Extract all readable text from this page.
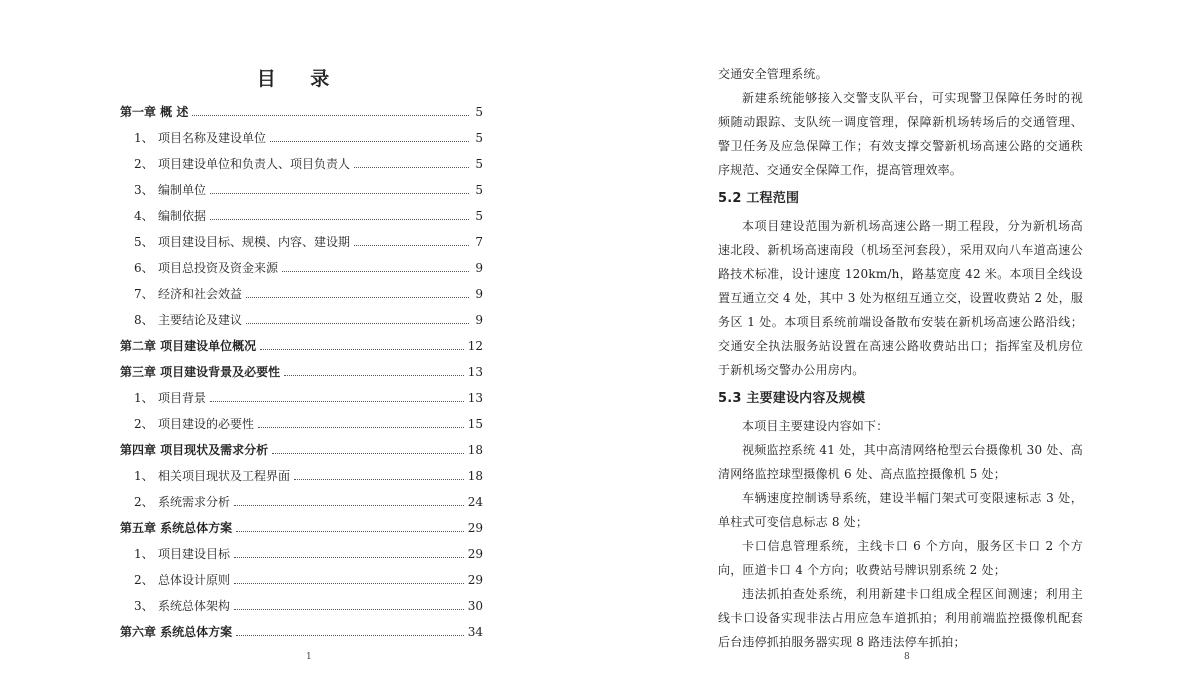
目 录
第一章 概 述	5
1、 项目名称及建设单位	5
2、 项目建设单位和负责人、项目负责人	5
3、 编制单位	5
4、 编制依据	5
5、 项目建设目标、规模、内容、建设期	7
6、 项目总投资及资金来源	9
7、 经济和社会效益	9
8、 主要结论及建议	9
第二章 项目建设单位概况	12
第三章 项目建设背景及必要性	13
1、 项目背景	13
2、 项目建设的必要性	15
第四章 项目现状及需求分析	18
1、 相关项目现状及工程界面	18
2、 系统需求分析	24
第五章 系统总体方案	29
1、 项目建设目标	29
2、 总体设计原则	29
3、 系统总体架构	30
第六章 系统总体方案	34
1

交通安全管理系统。

新建系统能够接入交警支队平台，可实现警卫保障任务时的视频随动跟踪、支队统一调度管理，保障新机场转场后的交通管理、警卫任务及应急保障工作；有效支撑交警新机场高速公路的交通秩序规范、交通安全保障工作，提高管理效率。

5.2 工程范围

本项目建设范围为新机场高速公路一期工程段，分为新机场高速北段、新机场高速南段（机场至河套段），采用双向八车道高速公路技术标准，设计速度 120km/h，路基宽度 42 米。本项目全线设置互通立交 4 处，其中 3 处为枢纽互通立交，设置收费站 2 处，服务区 1 处。本项目系统前端设备散布安装在新机场高速公路沿线；交通安全执法服务站设置在高速公路收费站出口；指挥室及机房位于新机场交警办公用房内。

5.3 主要建设内容及规模

本项目主要建设内容如下：

视频监控系统 41 处，其中高清网络枪型云台摄像机 30 处、高清网络监控球型摄像机 6 处、高点监控摄像机 5 处；

车辆速度控制诱导系统，建设半幅门架式可变限速标志 3 处，单柱式可变信息标志 8 处；

卡口信息管理系统，主线卡口 6 个方向，服务区卡口 2 个方向，匝道卡口 4 个方向；收费站号牌识别系统 2 处；

违法抓拍查处系统，利用新建卡口组成全程区间测速；利用主线卡口设备实现非法占用应急车道抓拍；利用前端监控摄像机配套后台违停抓拍服务器实现 8 路违法停车抓拍；

8
